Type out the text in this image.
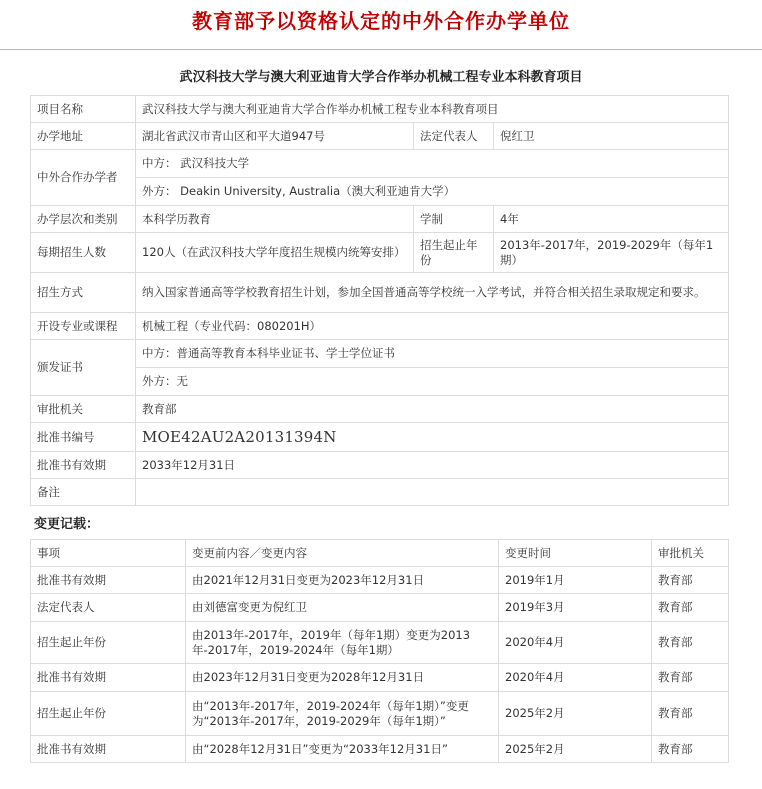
教育部予以资格认定的中外合作办学单位
武汉科技大学与澳大利亚迪肯大学合作举办机械工程专业本科教育项目
项目名称	武汉科技大学与澳大利亚迪肯大学合作举办机械工程专业本科教育项目		
办学地址	湖北省武汉市青山区和平大道947号	法定代表人	倪红卫
中外合作办学者	中方： 武汉科技大学		
	外方： Deakin University, Australia（澳大利亚迪肯大学）		
办学层次和类别	本科学历教育	学制	4年
每期招生人数	120人（在武汉科技大学年度招生规模内统筹安排）	招生起止年份	2013年-2017年，2019-2029年（每年1期）
招生方式	纳入国家普通高等学校教育招生计划，参加全国普通高等学校统一入学考试，并符合相关招生录取规定和要求。		
开设专业或课程	机械工程（专业代码：080201H）		
颁发证书	中方：普通高等教育本科毕业证书、学士学位证书		
	外方：无		
审批机关	教育部		
批准书编号	MOE42AU2A20131394N		
批准书有效期	2033年12月31日		
备注			
变更记载：
事项	变更前内容／变更内容	变更时间	审批机关
批准书有效期	由2021年12月31日变更为2023年12月31日	2019年1月	教育部
法定代表人	由刘德富变更为倪红卫	2019年3月	教育部
招生起止年份	由2013年-2017年，2019年（每年1期）变更为2013年-2017年，2019-2024年（每年1期）	2020年4月	教育部
批准书有效期	由2023年12月31日变更为2028年12月31日	2020年4月	教育部
招生起止年份	由“2013年-2017年，2019-2024年（每年1期）”变更为“2013年-2017年，2019-2029年（每年1期）”	2025年2月	教育部
批准书有效期	由“2028年12月31日”变更为“2033年12月31日”	2025年2月	教育部
